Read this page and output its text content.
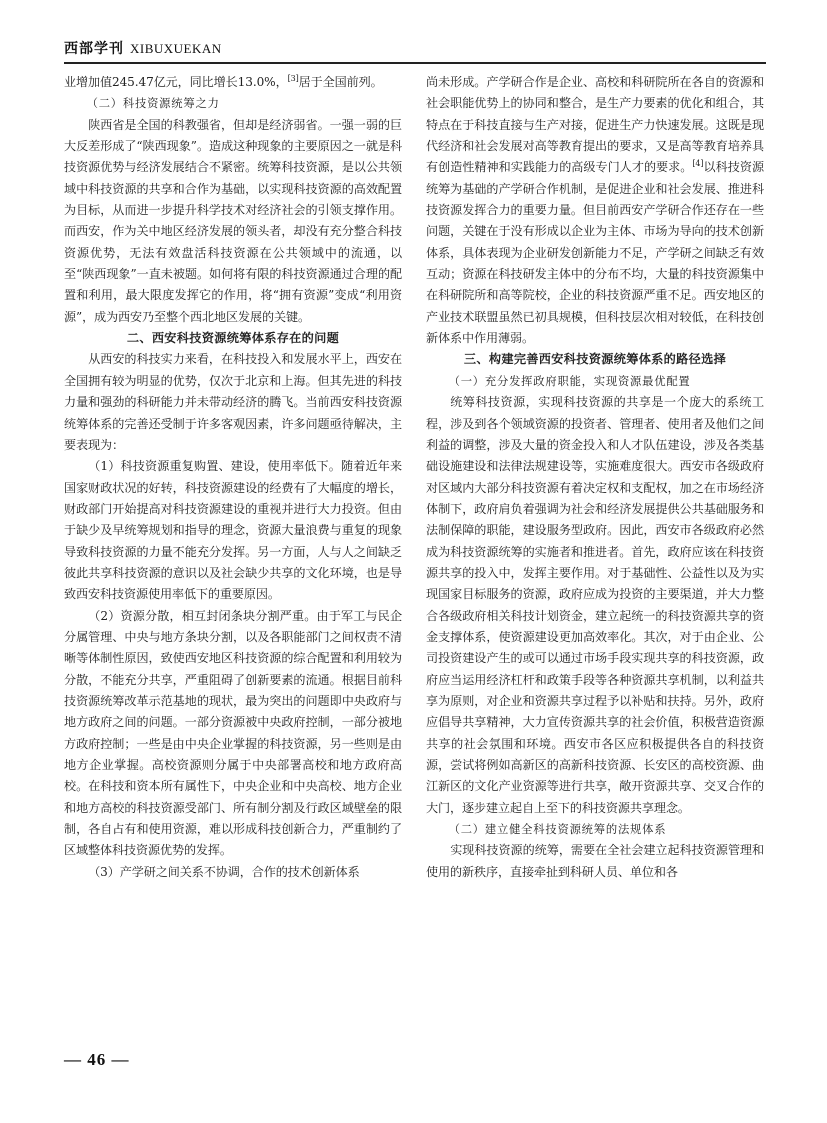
西部学刊 XIBUXUEKAN

业增加值245.47亿元，同比增长13.0%，[3]居于全国前列。

（二）科技资源统筹之力

陕西省是全国的科教强省，但却是经济弱省。一强一弱的巨大反差形成了“陕西现象”。造成这种现象的主要原因之一就是科技资源优势与经济发展结合不紧密。统筹科技资源，是以公共领域中科技资源的共享和合作为基础，以实现科技资源的高效配置为目标，从而进一步提升科学技术对经济社会的引领支撑作用。而西安，作为关中地区经济发展的领头者，却没有充分整合科技资源优势，无法有效盘活科技资源在公共领域中的流通，以至“陕西现象”一直未被题。如何将有限的科技资源通过合理的配置和利用，最大限度发挥它的作用，将“拥有资源”变成“利用资源”，成为西安乃至整个西北地区发展的关键。

二、西安科技资源统筹体系存在的问题

从西安的科技实力来看，在科技投入和发展水平上，西安在全国拥有较为明显的优势，仅次于北京和上海。但其先进的科技力量和强劲的科研能力并未带动经济的腾飞。当前西安科技资源统筹体系的完善还受制于许多客观因素，许多问题亟待解决，主要表现为：

（1）科技资源重复购置、建设，使用率低下。随着近年来国家财政状况的好转，科技资源建设的经费有了大幅度的增长，财政部门开始提高对科技资源建设的重视并进行大力投资。但由于缺少及早统筹规划和指导的理念，资源大量浪费与重复的现象导致科技资源的力量不能充分发挥。另一方面，人与人之间缺乏彼此共享科技资源的意识以及社会缺少共享的文化环境，也是导致西安科技资源使用率低下的重要原因。

（2）资源分散，相互封闭条块分割严重。由于军工与民企分属管理、中央与地方条块分割，以及各职能部门之间权责不清晰等体制性原因，致使西安地区科技资源的综合配置和利用较为分散，不能充分共享，严重阻碍了创新要素的流通。根据目前科技资源统筹改革示范基地的现状，最为突出的问题即中央政府与地方政府之间的问题。一部分资源被中央政府控制，一部分被地方政府控制；一些是由中央企业掌握的科技资源，另一些则是由地方企业掌握。高校资源则分属于中央部署高校和地方政府高校。在科技和资本所有属性下，中央企业和中央高校、地方企业和地方高校的科技资源受部门、所有制分割及行政区域壁垒的限制，各自占有和使用资源，难以形成科技创新合力，严重制约了区域整体科技资源优势的发挥。

（3）产学研之间关系不协调，合作的技术创新体系

尚未形成。产学研合作是企业、高校和科研院所在各自的资源和社会职能优势上的协同和整合，是生产力要素的优化和组合，其特点在于科技直接与生产对接，促进生产力快速发展。这既是现代经济和社会发展对高等教育提出的要求，又是高等教育培养具有创造性精神和实践能力的高级专门人才的要求。[4]以科技资源统筹为基础的产学研合作机制，是促进企业和社会发展、推进科技资源发挥合力的重要力量。但目前西安产学研合作还存在一些问题，关键在于没有形成以企业为主体、市场为导向的技术创新体系，具体表现为企业研发创新能力不足，产学研之间缺乏有效互动；资源在科技研发主体中的分布不均，大量的科技资源集中在科研院所和高等院校，企业的科技资源严重不足。西安地区的产业技术联盟虽然已初具规模，但科技层次相对较低，在科技创新体系中作用薄弱。

三、构建完善西安科技资源统筹体系的路径选择

（一）充分发挥政府职能，实现资源最优配置

统筹科技资源，实现科技资源的共享是一个庞大的系统工程，涉及到各个领域资源的投资者、管理者、使用者及他们之间利益的调整，涉及大量的资金投入和人才队伍建设，涉及各类基础设施建设和法律法规建设等，实施难度很大。西安市各级政府对区域内大部分科技资源有着决定权和支配权，加之在市场经济体制下，政府肩负着强调为社会和经济发展提供公共基础服务和法制保障的职能，建设服务型政府。因此，西安市各级政府必然成为科技资源统筹的实施者和推进者。首先，政府应该在科技资源共享的投入中，发挥主要作用。对于基础性、公益性以及为实现国家目标服务的资源，政府应成为投资的主要渠道，并大力整合各级政府相关科技计划资金，建立起统一的科技资源共享的资金支撑体系，使资源建设更加高效率化。其次，对于由企业、公司投资建设产生的或可以通过市场手段实现共享的科技资源，政府应当运用经济杠杆和政策手段等各种资源共享机制，以利益共享为原则，对企业和资源共享过程予以补贴和扶持。另外，政府应倡导共享精神，大力宣传资源共享的社会价值，积极营造资源共享的社会氛围和环境。西安市各区应积极提供各自的科技资源，尝试将例如高新区的高新科技资源、长安区的高校资源、曲江新区的文化产业资源等进行共享，敞开资源共享、交叉合作的大门，逐步建立起自上至下的科技资源共享理念。

（二）建立健全科技资源统筹的法规体系

实现科技资源的统筹，需要在全社会建立起科技资源管理和使用的新秩序，直接牵扯到科研人员、单位和各

— 46 —
